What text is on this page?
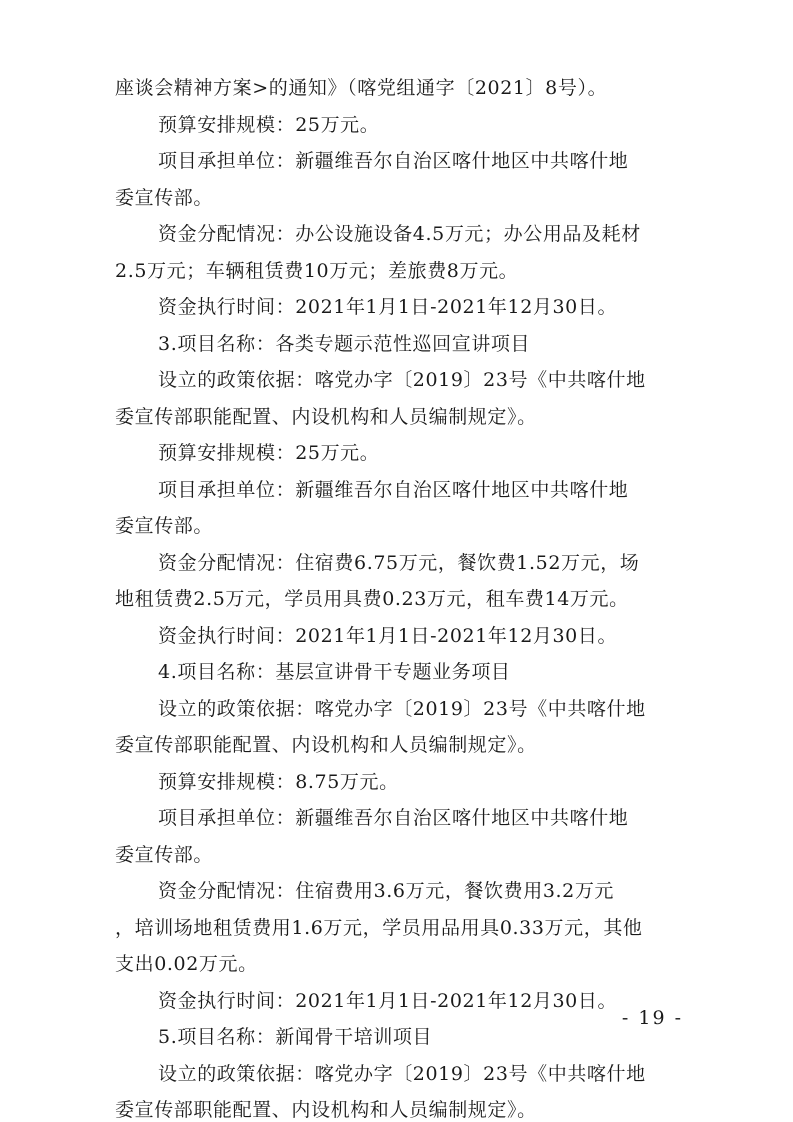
座谈会精神方案>的通知》（喀党组通字〔2021〕8号）。
预算安排规模：25万元。
项目承担单位：新疆维吾尔自治区喀什地区中共喀什地
委宣传部。
资金分配情况：办公设施设备4.5万元；办公用品及耗材
2.5万元；车辆租赁费10万元；差旅费8万元。
资金执行时间：2021年1月1日-2021年12月30日。
3.项目名称：各类专题示范性巡回宣讲项目
设立的政策依据：喀党办字〔2019〕23号《中共喀什地
委宣传部职能配置、内设机构和人员编制规定》。
预算安排规模：25万元。
项目承担单位：新疆维吾尔自治区喀什地区中共喀什地
委宣传部。
资金分配情况：住宿费6.75万元，餐饮费1.52万元，场
地租赁费2.5万元，学员用具费0.23万元，租车费14万元。
资金执行时间：2021年1月1日-2021年12月30日。
4.项目名称：基层宣讲骨干专题业务项目
设立的政策依据：喀党办字〔2019〕23号《中共喀什地
委宣传部职能配置、内设机构和人员编制规定》。
预算安排规模：8.75万元。
项目承担单位：新疆维吾尔自治区喀什地区中共喀什地
委宣传部。
资金分配情况：住宿费用3.6万元，餐饮费用3.2万元
，培训场地租赁费用1.6万元，学员用品用具0.33万元，其他
支出0.02万元。
资金执行时间：2021年1月1日-2021年12月30日。
5.项目名称：新闻骨干培训项目
设立的政策依据：喀党办字〔2019〕23号《中共喀什地
委宣传部职能配置、内设机构和人员编制规定》。
- 19 -
